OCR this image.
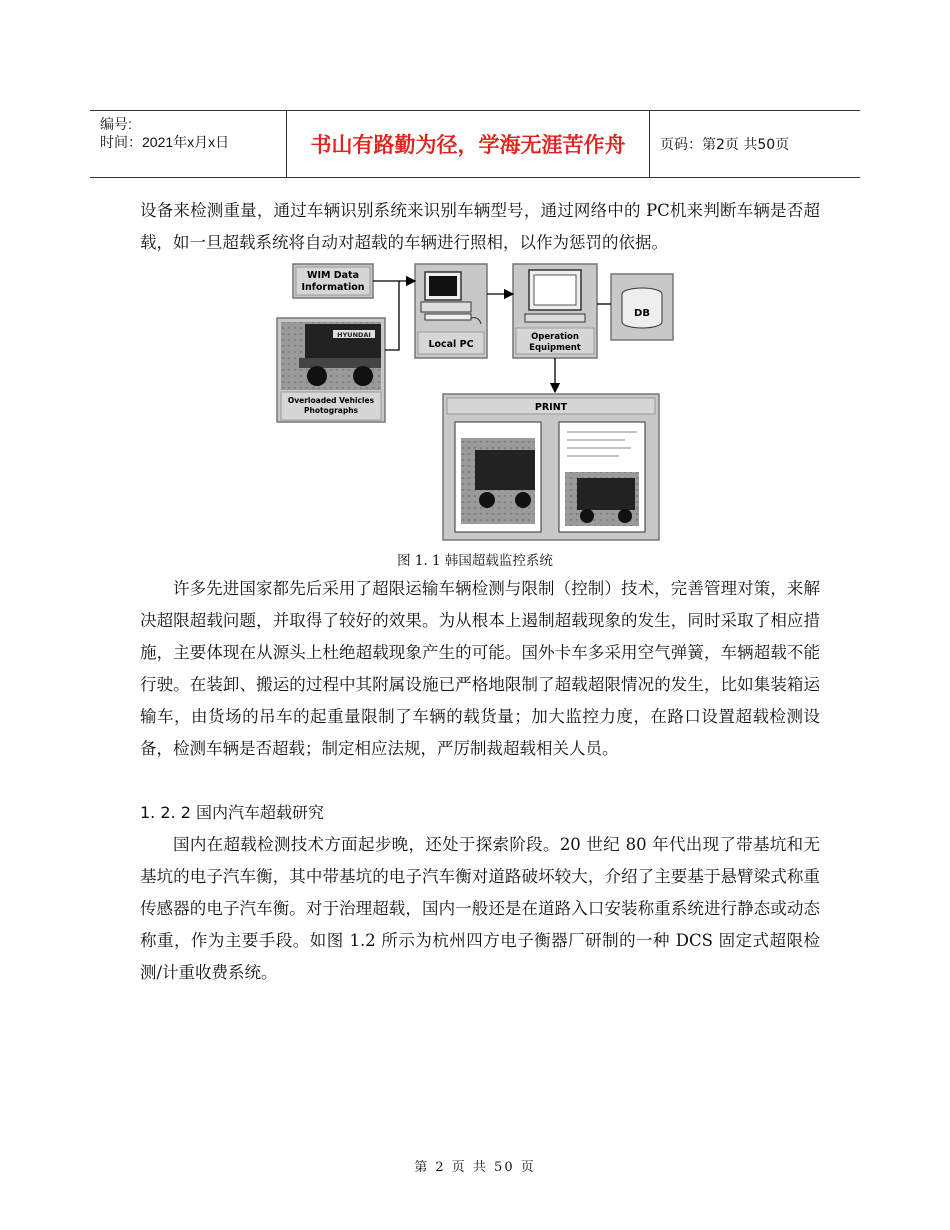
编号:
时间：2021年x月x日	书山有路勤为径，学海无涯苦作舟	页码：第2页 共50页

设备来检测重量，通过车辆识别系统来识别车辆型号，通过网络中的 PC机来判断车辆是否超载，如一旦超载系统将自动对超载的车辆进行照相，以作为惩罚的依据。

WIM Data
Information
HYUNDAI
Overloaded Vehicles
Photographs
Local PC
Operation
Equipment
DB
PRINT
图 1. 1 韩国超载监控系统

许多先进国家都先后采用了超限运输车辆检测与限制（控制）技术，完善管理对策，来解决超限超载问题，并取得了较好的效果。为从根本上遏制超载现象的发生，同时采取了相应措施，主要体现在从源头上杜绝超载现象产生的可能。国外卡车多采用空气弹簧，车辆超载不能行驶。在装卸、搬运的过程中其附属设施已严格地限制了超载超限情况的发生，比如集装箱运输车，由货场的吊车的起重量限制了车辆的载货量；加大监控力度，在路口设置超载检测设备，检测车辆是否超载；制定相应法规，严厉制裁超载相关人员。

1. 2. 2 国内汽车超载研究

国内在超载检测技术方面起步晚，还处于探索阶段。20 世纪 80 年代出现了带基坑和无基坑的电子汽车衡，其中带基坑的电子汽车衡对道路破坏较大，介绍了主要基于悬臂梁式称重传感器的电子汽车衡。对于治理超载，国内一般还是在道路入口安装称重系统进行静态或动态称重，作为主要手段。如图 1.2 所示为杭州四方电子衡器厂研制的一种 DCS 固定式超限检测/计重收费系统。

第 2 页 共 50 页
